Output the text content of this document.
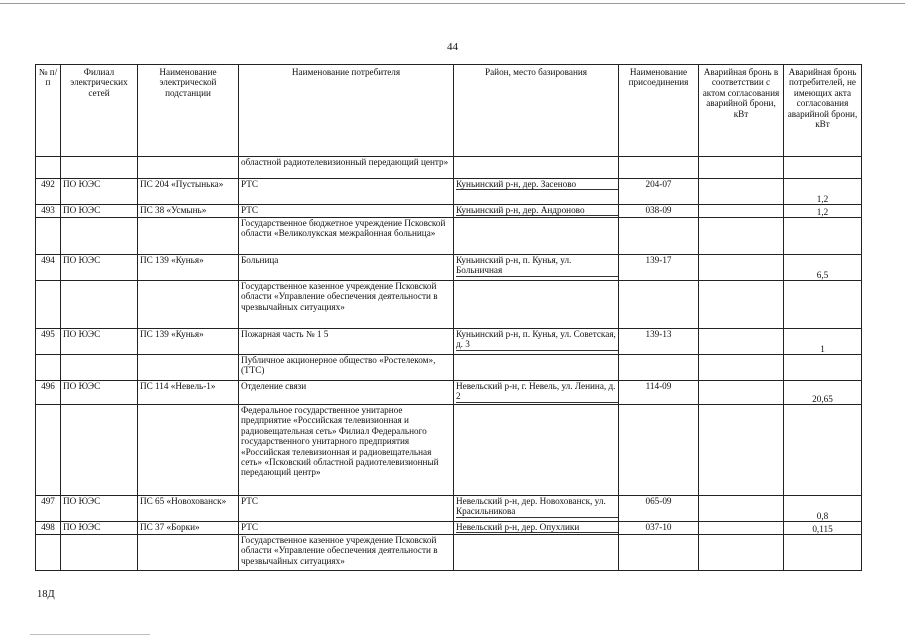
44
№ п/п	Филиал электрических сетей	Наименование электрической подстанции	Наименование потребителя	Район, место базирования	Наименование присоединения	Аварийная бронь в соответствии с актом согласования аварийной брони, кВт	Аварийная бронь потребителей, не имеющих акта согласования аварийной брони, кВт
			областной радиотелевизионный передающий центр»				
492	ПО ЮЭС	ПС 204 «Пустынька»	РТС	Куньинский р-н, дер. Засеново	204-07		1,2
493	ПО ЮЭС	ПС 38 «Усмынь»	РТС	Куньинский р-н, дер. Андроново	038-09		1,2
			Государственное бюджетное учреждение Псковской области «Великолукская межрайонная больница»				
494	ПО ЮЭС	ПС 139 «Кунья»	Больница	Куньинский р-н, п. Кунья, ул. Больничная	139-17		6,5
			Государственное казенное учреждение Псковской области «Управление обеспечения деятельности в чрезвычайных ситуациях»				
495	ПО ЮЭС	ПС 139 «Кунья»	Пожарная часть № 1 5	Куньинский р-н, п. Кунья, ул. Советская, д. 3	139-13		1
			Публичное акционерное общество «Ростелеком», (ТТС)				
496	ПО ЮЭС	ПС 114 «Невель-1»	Отделение связи	Невельский р-н, г. Невель, ул. Ленина, д. 2	114-09		20,65
			Федеральное государственное унитарное предприятие «Российская телевизионная и радиовещательная сеть» Филиал Федерального государственного унитарного предприятия «Российская телевизионная и радиовещательная сеть» «Псковский областной радиотелевизионный передающий центр»				
497	ПО ЮЭС	ПС 65 «Новохованск»	РТС	Невельский р-н, дер. Новохованск, ул. Красильникова	065-09		0,8
498	ПО ЮЭС	ПС 37 «Борки»	РТС	Невельский р-н, дер. Опухлики	037-10		0,115
			Государственное казенное учреждение Псковской области «Управление обеспечения деятельности в чрезвычайных ситуациях»				
18Д
